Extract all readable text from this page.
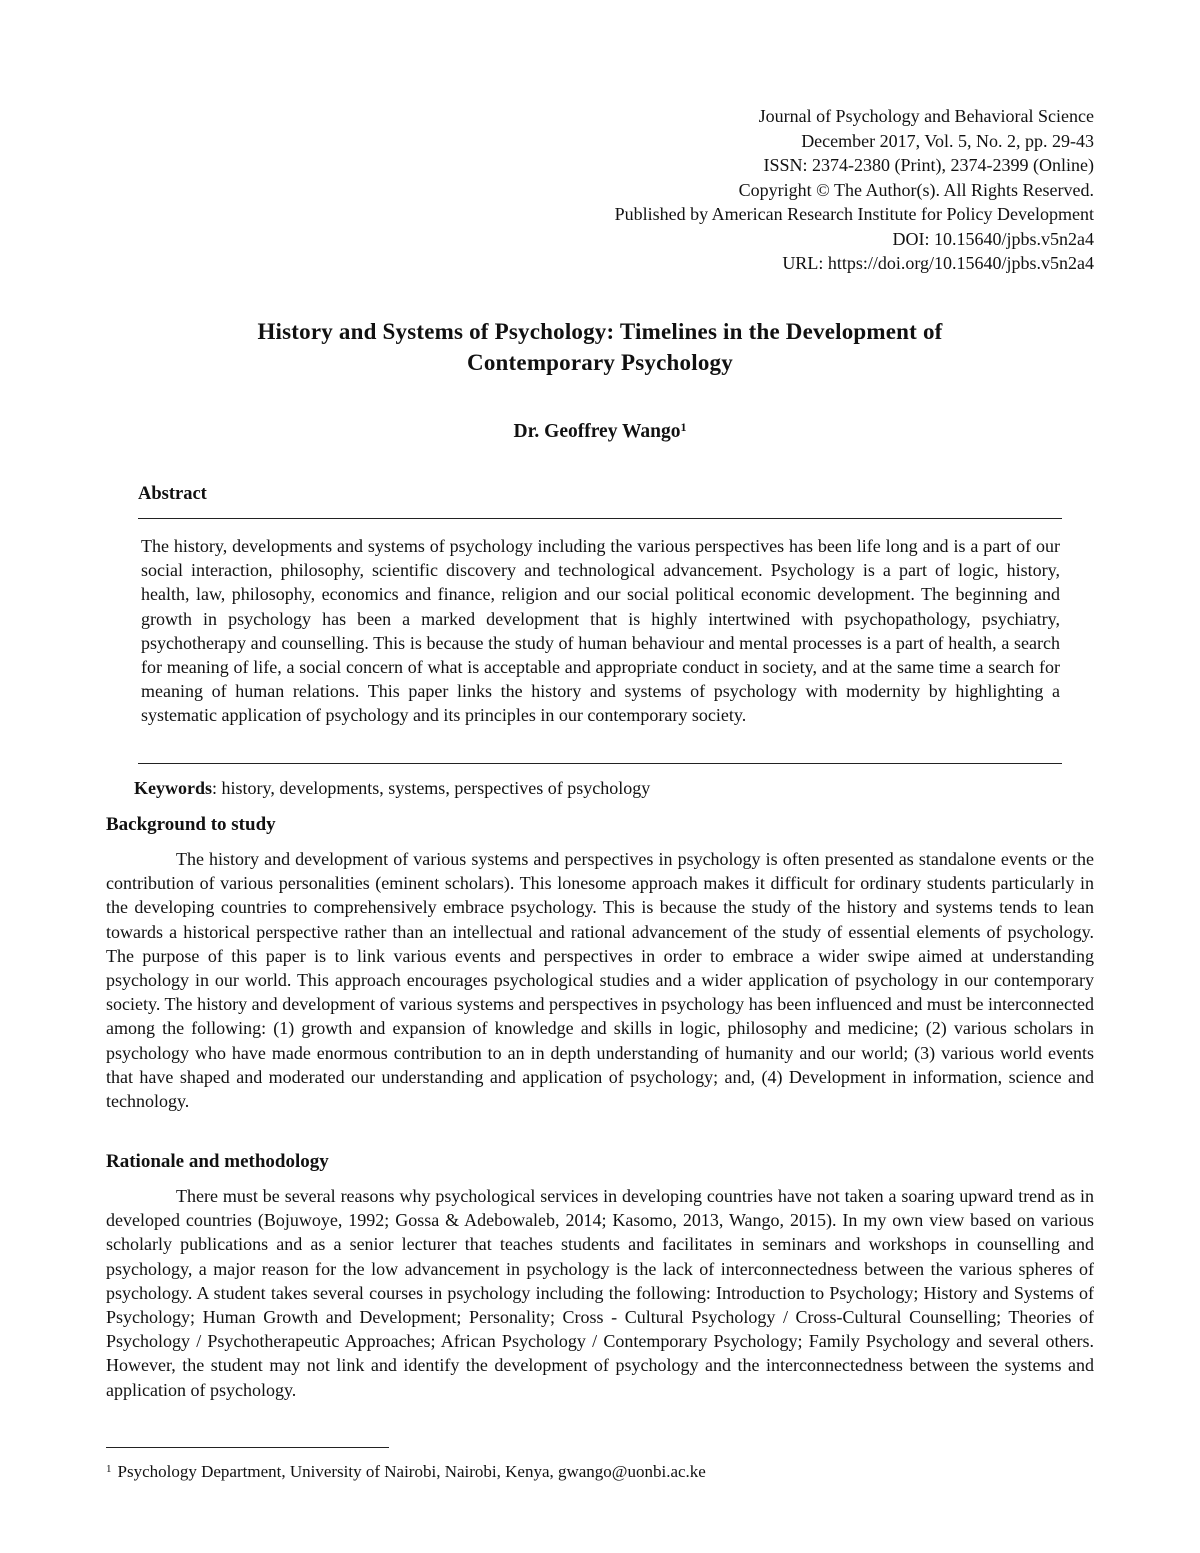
Journal of Psychology and Behavioral Science
December 2017, Vol. 5, No. 2, pp. 29-43
ISSN: 2374-2380 (Print), 2374-2399 (Online)
Copyright © The Author(s). All Rights Reserved.
Published by American Research Institute for Policy Development
DOI: 10.15640/jpbs.v5n2a4
URL: https://doi.org/10.15640/jpbs.v5n2a4
History and Systems of Psychology: Timelines in the Development of
Contemporary Psychology
Dr. Geoffrey Wango$^1$
Abstract
The history, developments and systems of psychology including the various perspectives has been life long and is a part of our social interaction, philosophy, scientific discovery and technological advancement. Psychology is a part of logic, history, health, law, philosophy, economics and finance, religion and our social political economic development. The beginning and growth in psychology has been a marked development that is highly intertwined with psychopathology, psychiatry, psychotherapy and counselling. This is because the study of human behaviour and mental processes is a part of health, a search for meaning of life, a social concern of what is acceptable and appropriate conduct in society, and at the same time a search for meaning of human relations. This paper links the history and systems of psychology with modernity by highlighting a systematic application of psychology and its principles in our contemporary society.
Keywords: history, developments, systems, perspectives of psychology
Background to study
The history and development of various systems and perspectives in psychology is often presented as standalone events or the contribution of various personalities (eminent scholars). This lonesome approach makes it difficult for ordinary students particularly in the developing countries to comprehensively embrace psychology. This is because the study of the history and systems tends to lean towards a historical perspective rather than an intellectual and rational advancement of the study of essential elements of psychology. The purpose of this paper is to link various events and perspectives in order to embrace a wider swipe aimed at understanding psychology in our world. This approach encourages psychological studies and a wider application of psychology in our contemporary society. The history and development of various systems and perspectives in psychology has been influenced and must be interconnected among the following: (1) growth and expansion of knowledge and skills in logic, philosophy and medicine; (2) various scholars in psychology who have made enormous contribution to an in depth understanding of humanity and our world; (3) various world events that have shaped and moderated our understanding and application of psychology; and, (4) Development in information, science and technology.
Rationale and methodology
There must be several reasons why psychological services in developing countries have not taken a soaring upward trend as in developed countries (Bojuwoye, 1992; Gossa & Adebowaleb, 2014; Kasomo, 2013, Wango, 2015). In my own view based on various scholarly publications and as a senior lecturer that teaches students and facilitates in seminars and workshops in counselling and psychology, a major reason for the low advancement in psychology is the lack of interconnectedness between the various spheres of psychology. A student takes several courses in psychology including the following: Introduction to Psychology; History and Systems of Psychology; Human Growth and Development; Personality; Cross - Cultural Psychology / Cross-Cultural Counselling; Theories of Psychology / Psychotherapeutic Approaches; African Psychology / Contemporary Psychology; Family Psychology and several others. However, the student may not link and identify the development of psychology and the interconnectedness between the systems and application of psychology.
$^1$ Psychology Department, University of Nairobi, Nairobi, Kenya, gwango@uonbi.ac.ke
